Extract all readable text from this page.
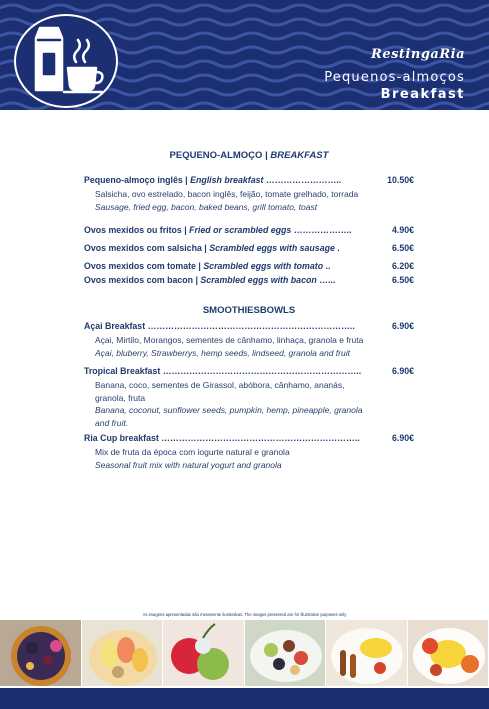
RestingaRia
Pequenos-almoços
Breakfast
PEQUENO-ALMOÇO | BREAKFAST
Pequeno-almoço inglês | English breakfast ……………………..	10.50€
Salsicha, ovo estrelado, bacon inglês, feijão, tomate grelhado, torrada
Sausage, fried egg, bacon, baked beans, grill tomato, toast
Ovos mexidos ou fritos | Fried or scrambled eggs ………………..	4.90€
Ovos mexidos com salsicha | Scrambled eggs with sausage .	6.50€
Ovos mexidos com tomate | Scrambled eggs with tomato ..	6.20€
Ovos mexidos com bacon | Scrambled eggs with bacon …...	6.50€
SMOOTHIESBOWLS
Açai Breakfast ……………………………………………………………..	6.90€
Açai, Mirtilo, Morangos, sementes de cânhamo, linhaça, granola e fruta
Açai, bluberry, Strawberrys, hemp seeds, lindseed, granola and fruit
Tropical Breakfast …………………………………………………………..	6.90€
Banana, coco, sementes de Girassol, abóbora, cânhamo, ananás, granola, fruta
Banana, coconut, sunflower seeds, pumpkin, hemp, pineapple, granola and fruit.
Ria Cup breakfast …………………………………………………………..	6.90€
Mix de fruta da época com iogurte natural e granola
Seasonal fruit mix with natural yogurt and granola
As imagens apresentadas são meramente ilustrativas. The images presented are for illustrative purposes only
